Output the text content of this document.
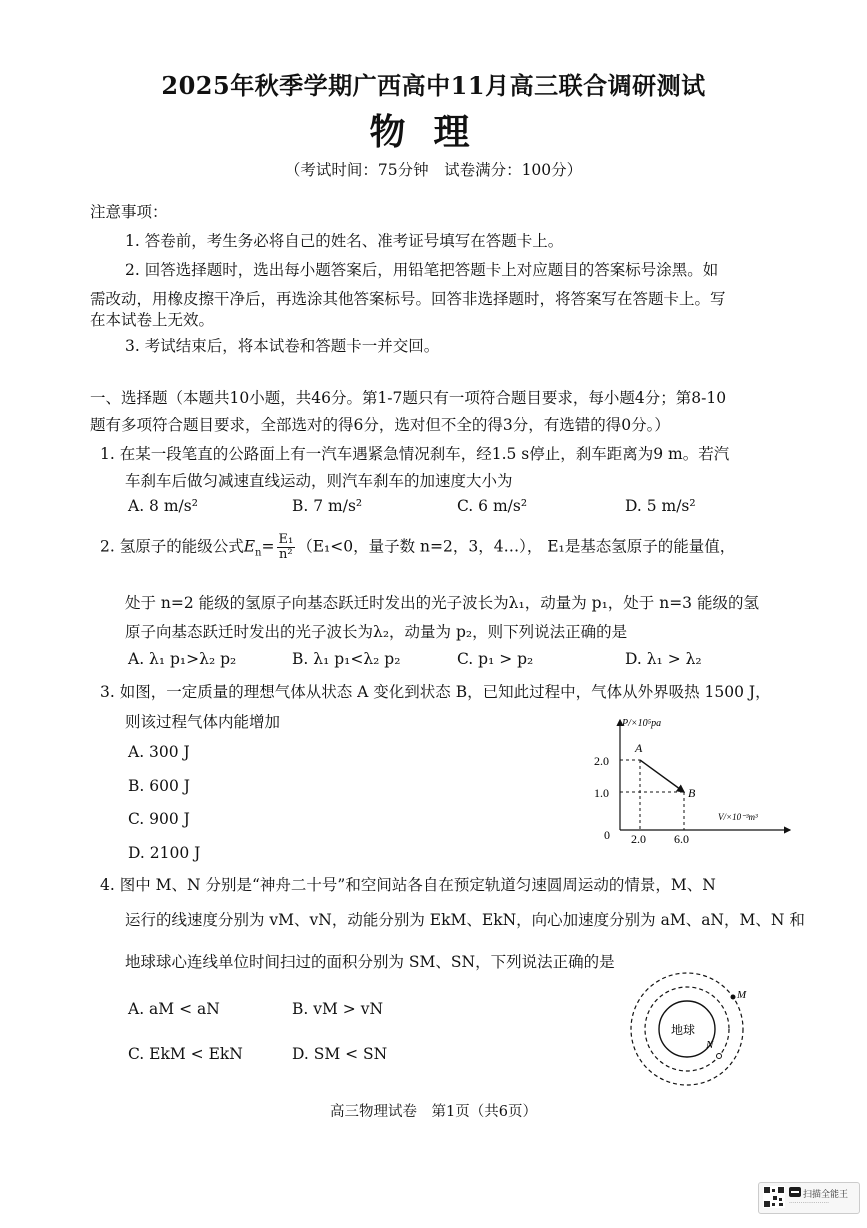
2025年秋季学期广西高中11月高三联合调研测试
物理
（考试时间：75分钟　试卷满分：100分）
注意事项：
1. 答卷前，考生务必将自己的姓名、准考证号填写在答题卡上。
2. 回答选择题时，选出每小题答案后，用铅笔把答题卡上对应题目的答案标号涂黑。如
需改动，用橡皮擦干净后，再选涂其他答案标号。回答非选择题时，将答案写在答题卡上。写
在本试卷上无效。
3. 考试结束后，将本试卷和答题卡一并交回。
一、选择题（本题共10小题，共46分。第1-7题只有一项符合题目要求，每小题4分；第8-10
题有多项符合题目要求，全部选对的得6分，选对但不全的得3分，有选错的得0分。）
1. 在某一段笔直的公路面上有一汽车遇紧急情况刹车，经1.5 s停止，刹车距离为9 m。若汽
车刹车后做匀减速直线运动，则汽车刹车的加速度大小为
A. 8 m/s²	B. 7 m/s²	C. 6 m/s²	D. 5 m/s²
2. 氢原子的能级公式$E_n= \frac{\text{E₁}}{\text{n²}} (E_1<0$，量子数 n=2，3，4…）， E₁是基态氢原子的能量值，
处于 n=2 能级的氢原子向基态跃迁时发出的光子波长为λ₁，动量为 p₁，处于 n=3 能级的氢
原子向基态跃迁时发出的光子波长为λ₂，动量为 p₂，则下列说法正确的是
A. λ₁ p₁>λ₂ p₂	B. λ₁ p₁<λ₂ p₂	C. p₁ > p₂	D. λ₁ > λ₂
3. 如图，一定质量的理想气体从状态 A 变化到状态 B，已知此过程中，气体从外界吸热 1500 J，
则该过程气体内能增加
A. 300 J
B. 600 J
C. 900 J
D. 2100 J
P/×10⁵pa
V/×10⁻³m³
2.0
1.0
0 2.0 6.0
A
B
4. 图中 M、N 分别是“神舟二十号”和空间站各自在预定轨道匀速圆周运动的情景，M、N
运行的线速度分别为 vM、vN，动能分别为 EkM、EkN，向心加速度分别为 aM、aN，M、N 和
地球球心连线单位时间扫过的面积分别为 SM、SN，下列说法正确的是
A. aM < aN	B. vM > vN
C. EkM < EkN	D. SM < SN
地球
M
N
高三物理试卷　第1页（共6页）
扫描全能王
·····················
